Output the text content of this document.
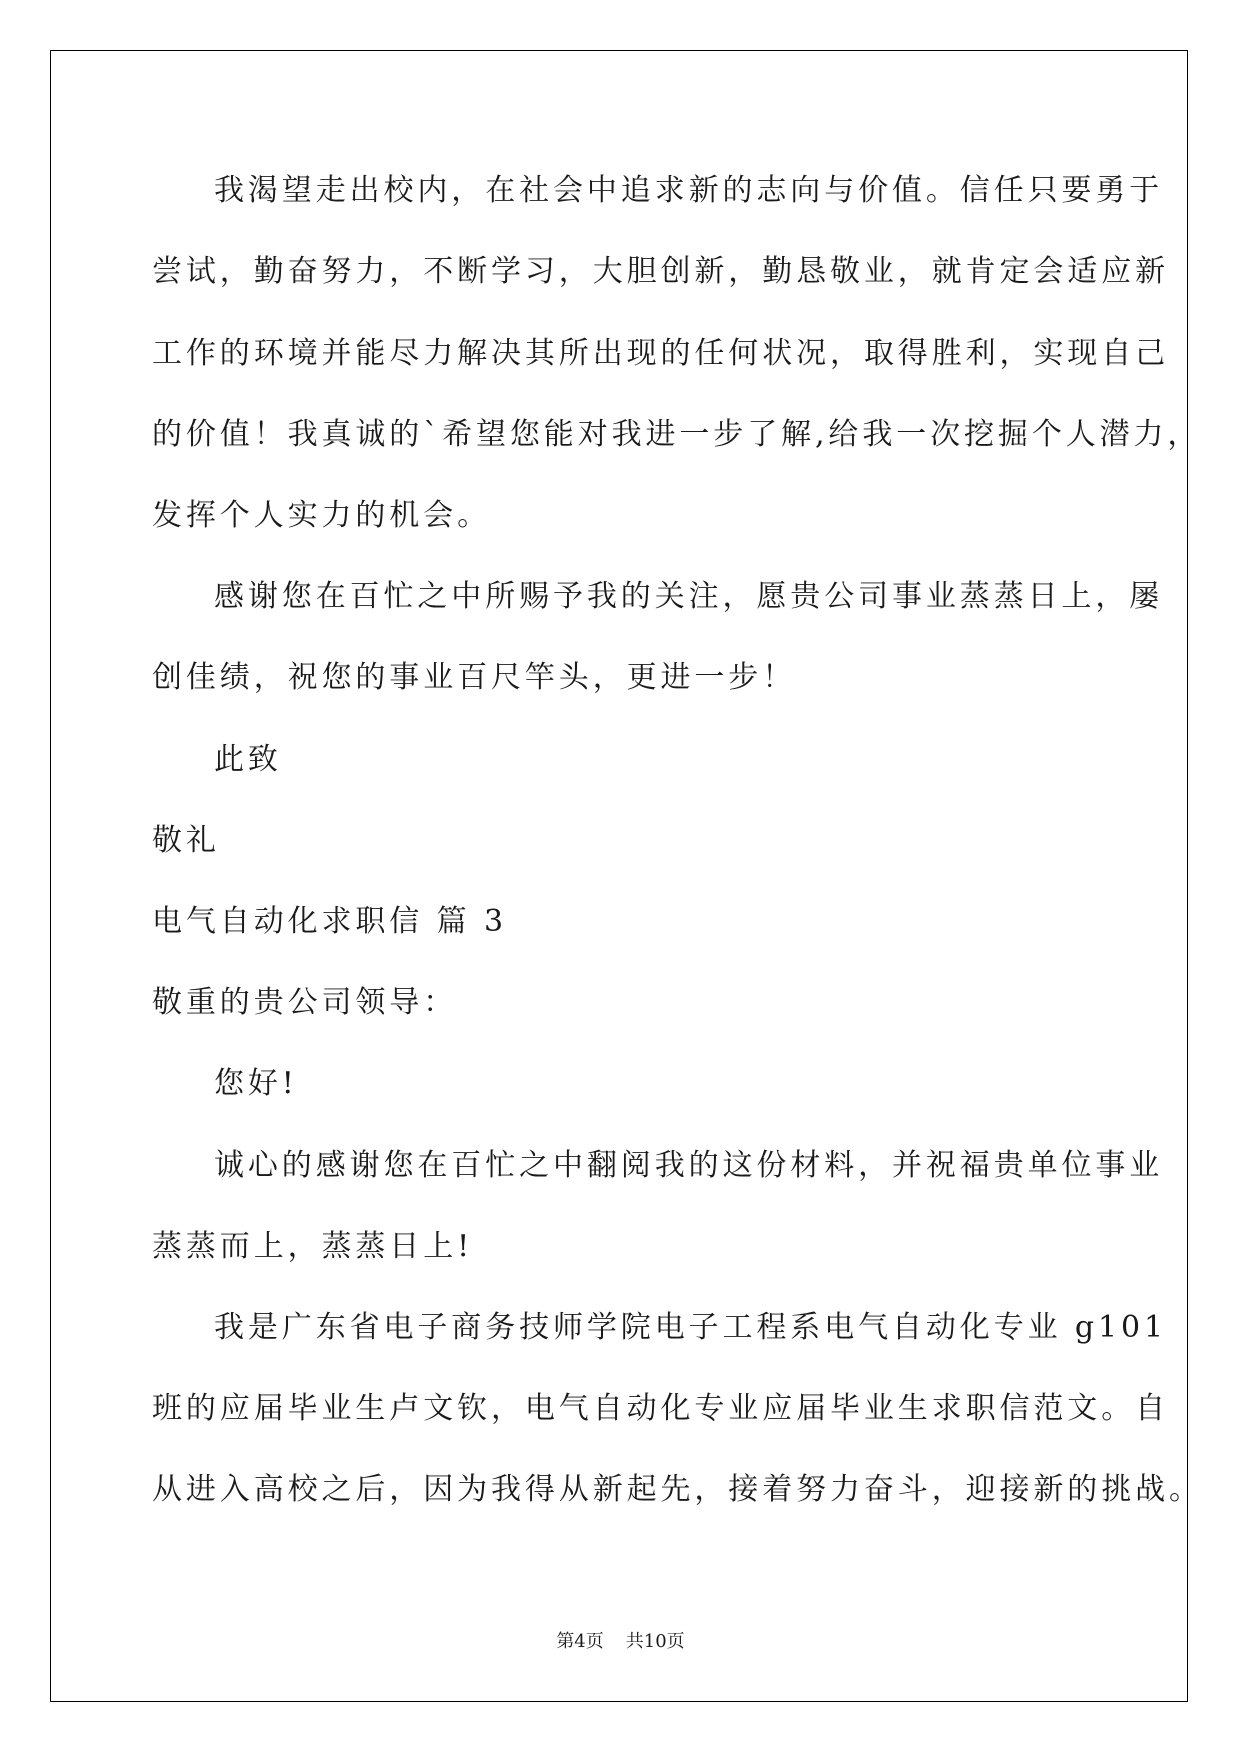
我渴望走出校内，在社会中追求新的志向与价值。信任只要勇于
尝试，勤奋努力，不断学习，大胆创新，勤恳敬业，就肯定会适应新
工作的环境并能尽力解决其所出现的任何状况，取得胜利，实现自己
的价值！我真诚的`希望您能对我进一步了解,给我一次挖掘个人潜力，
发挥个人实力的机会。
感谢您在百忙之中所赐予我的关注，愿贵公司事业蒸蒸日上，屡
创佳绩，祝您的事业百尺竿头，更进一步！
此致
敬礼
电气自动化求职信 篇 3
敬重的贵公司领导：
您好!
诚心的感谢您在百忙之中翻阅我的这份材料，并祝福贵单位事业
蒸蒸而上，蒸蒸日上!
我是广东省电子商务技师学院电子工程系电气自动化专业 g101
班的应届毕业生卢文钦，电气自动化专业应届毕业生求职信范文。自
从进入高校之后，因为我得从新起先，接着努力奋斗，迎接新的挑战。
第4页 共10页
